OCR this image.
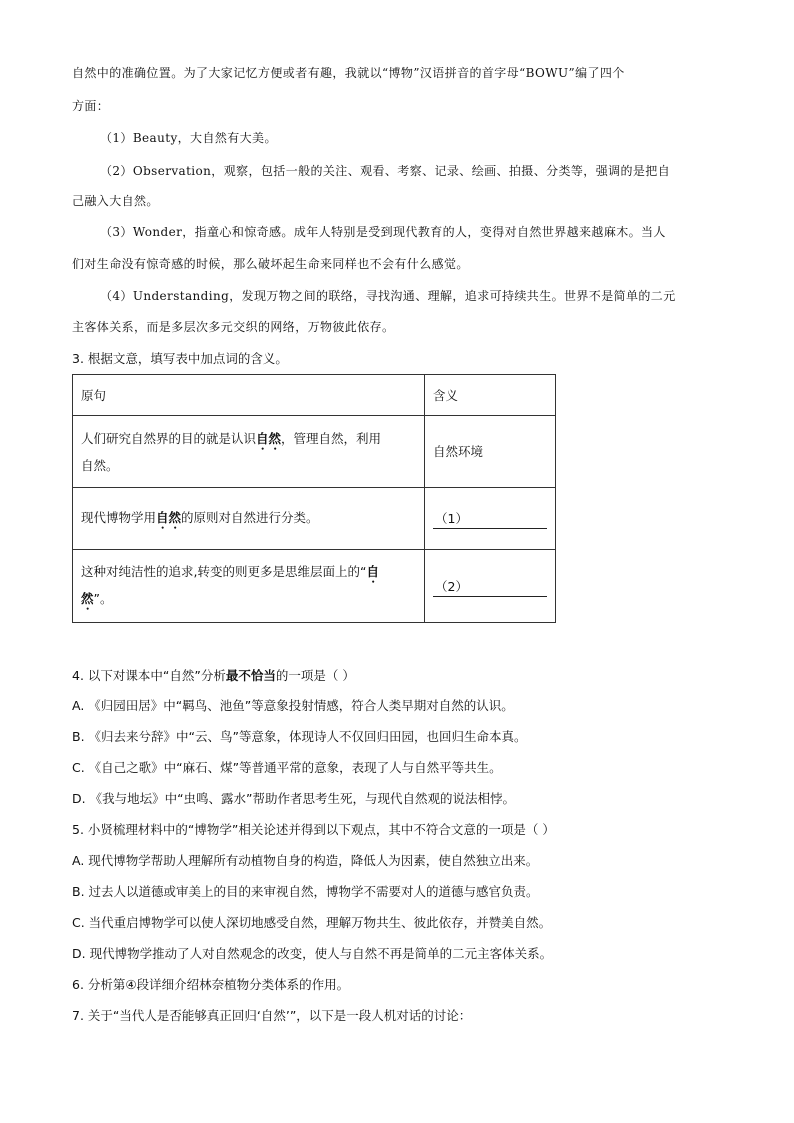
自然中的准确位置。为了大家记忆方便或者有趣，我就以“博物”汉语拼音的首字母“BOWU”编了四个
方面：
（1）Beauty，大自然有大美。
（2）Observation，观察，包括一般的关注、观看、考察、记录、绘画、拍摄、分类等，强调的是把自
己融入大自然。
（3）Wonder，指童心和惊奇感。成年人特别是受到现代教育的人，变得对自然世界越来越麻木。当人
们对生命没有惊奇感的时候，那么破坏起生命来同样也不会有什么感觉。
（4）Understanding，发现万物之间的联络，寻找沟通、理解，追求可持续共生。世界不是简单的二元
主客体关系，而是多层次多元交织的网络，万物彼此依存。
3. 根据文意，填写表中加点词的含义。
原句	含义
人们研究自然界的目的就是认识自然，管理自然，利用
自然。	自然环境
现代博物学用自然的原则对自然进行分类。	（1）
这种对纯洁性的追求,转变的则更多是思维层面上的“自
然”。	（2）
4. 以下对课本中“自然”分析最不恰当的一项是（ ）
A. 《归园田居》中“羁鸟、池鱼”等意象投射情感，符合人类早期对自然的认识。
B. 《归去来兮辞》中“云、鸟”等意象，体现诗人不仅回归田园，也回归生命本真。
C. 《自己之歌》中“麻石、煤”等普通平常的意象，表现了人与自然平等共生。
D. 《我与地坛》中“虫鸣、露水”帮助作者思考生死，与现代自然观的说法相悖。
5. 小贤梳理材料中的“博物学”相关论述并得到以下观点，其中不符合文意的一项是（ ）
A. 现代博物学帮助人理解所有动植物自身的构造，降低人为因素，使自然独立出来。
B. 过去人以道德或审美上的目的来审视自然，博物学不需要对人的道德与感官负责。
C. 当代重启博物学可以使人深切地感受自然，理解万物共生、彼此依存，并赞美自然。
D. 现代博物学推动了人对自然观念的改变，使人与自然不再是简单的二元主客体关系。
6. 分析第④段详细介绍林奈植物分类体系的作用。
7. 关于“当代人是否能够真正回归‘自然’”，以下是一段人机对话的讨论：
